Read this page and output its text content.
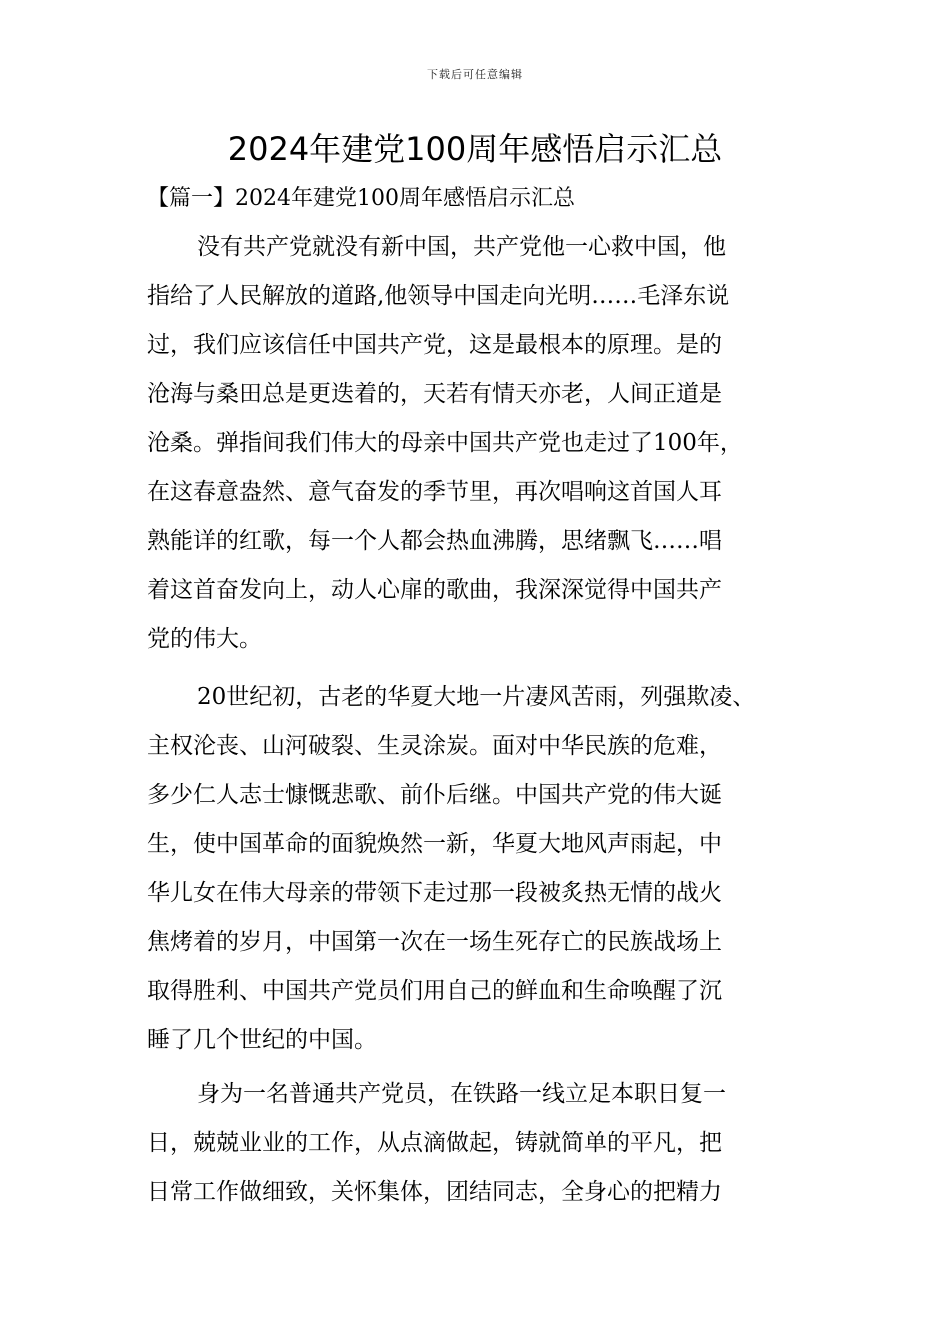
下载后可任意编辑
2024年建党100周年感悟启示汇总
【篇一】2024年建党100周年感悟启示汇总
没有共产党就没有新中国，共产党他一心救中国，他
指给了人民解放的道路,他领导中国走向光明……毛泽东说
过，我们应该信任中国共产党，这是最根本的原理。是的
沧海与桑田总是更迭着的，天若有情天亦老，人间正道是
沧桑。弹指间我们伟大的母亲中国共产党也走过了100年，
在这春意盎然、意气奋发的季节里，再次唱响这首国人耳
熟能详的红歌，每一个人都会热血沸腾，思绪飘飞……唱
着这首奋发向上，动人心扉的歌曲，我深深觉得中国共产
党的伟大。
20世纪初，古老的华夏大地一片凄风苦雨，列强欺凌、
主权沦丧、山河破裂、生灵涂炭。面对中华民族的危难，
多少仁人志士慷慨悲歌、前仆后继。中国共产党的伟大诞
生，使中国革命的面貌焕然一新，华夏大地风声雨起，中
华儿女在伟大母亲的带领下走过那一段被炙热无情的战火
焦烤着的岁月，中国第一次在一场生死存亡的民族战场上
取得胜利、中国共产党员们用自己的鲜血和生命唤醒了沉
睡了几个世纪的中国。
身为一名普通共产党员，在铁路一线立足本职日复一
日，兢兢业业的工作，从点滴做起，铸就简单的平凡，把
日常工作做细致，关怀集体，团结同志，全身心的把精力
